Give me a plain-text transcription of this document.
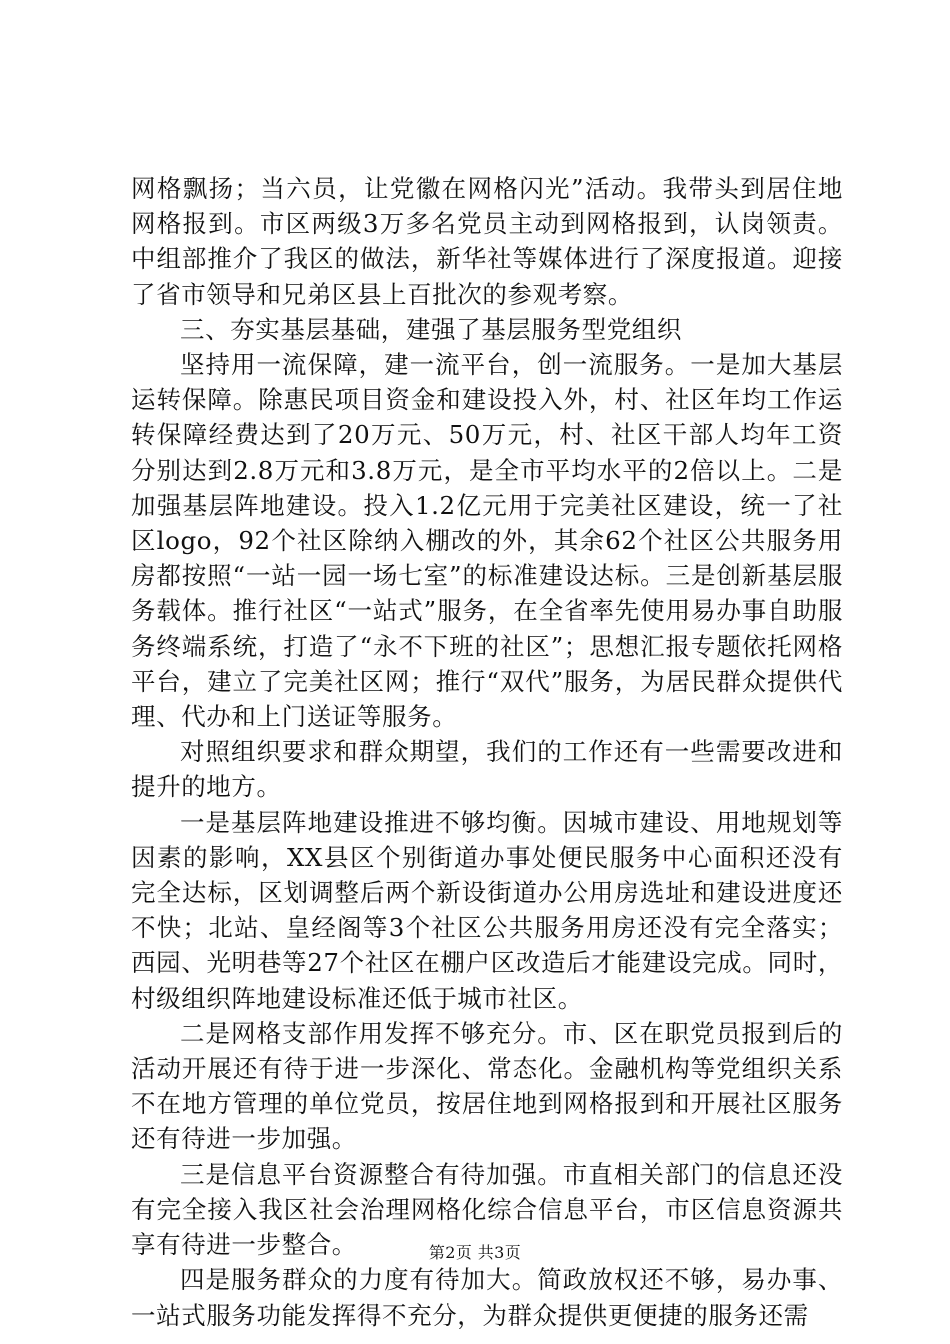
网格飘扬；当六员，让党徽在网格闪光”活动。我带头到居住地网格报到。市区两级3万多名党员主动到网格报到，认岗领责。中组部推介了我区的做法，新华社等媒体进行了深度报道。迎接了省市领导和兄弟区县上百批次的参观考察。

三、夯实基层基础，建强了基层服务型党组织

坚持用一流保障，建一流平台，创一流服务。一是加大基层运转保障。除惠民项目资金和建设投入外，村、社区年均工作运转保障经费达到了20万元、50万元，村、社区干部人均年工资分别达到2.8万元和3.8万元，是全市平均水平的2倍以上。二是加强基层阵地建设。投入1.2亿元用于完美社区建设，统一了社区logo，92个社区除纳入棚改的外，其余62个社区公共服务用房都按照“一站一园一场七室”的标准建设达标。三是创新基层服务载体。推行社区“一站式”服务，在全省率先使用易办事自助服务终端系统，打造了“永不下班的社区”；思想汇报专题依托网格平台，建立了完美社区网；推行“双代”服务，为居民群众提供代理、代办和上门送证等服务。

对照组织要求和群众期望，我们的工作还有一些需要改进和提升的地方。

一是基层阵地建设推进不够均衡。因城市建设、用地规划等因素的影响，XX县区个别街道办事处便民服务中心面积还没有完全达标，区划调整后两个新设街道办公用房选址和建设进度还不快；北站、皇经阁等3个社区公共服务用房还没有完全落实；西园、光明巷等27个社区在棚户区改造后才能建设完成。同时，村级组织阵地建设标准还低于城市社区。

二是网格支部作用发挥不够充分。市、区在职党员报到后的活动开展还有待于进一步深化、常态化。金融机构等党组织关系不在地方管理的单位党员，按居住地到网格报到和开展社区服务还有待进一步加强。

三是信息平台资源整合有待加强。市直相关部门的信息还没有完全接入我区社会治理网格化综合信息平台，市区信息资源共享有待进一步整合。

四是服务群众的力度有待加大。简政放权还不够，易办事、一站式服务功能发挥得不充分，为群众提供更便捷的服务还需

第2页 共3页
